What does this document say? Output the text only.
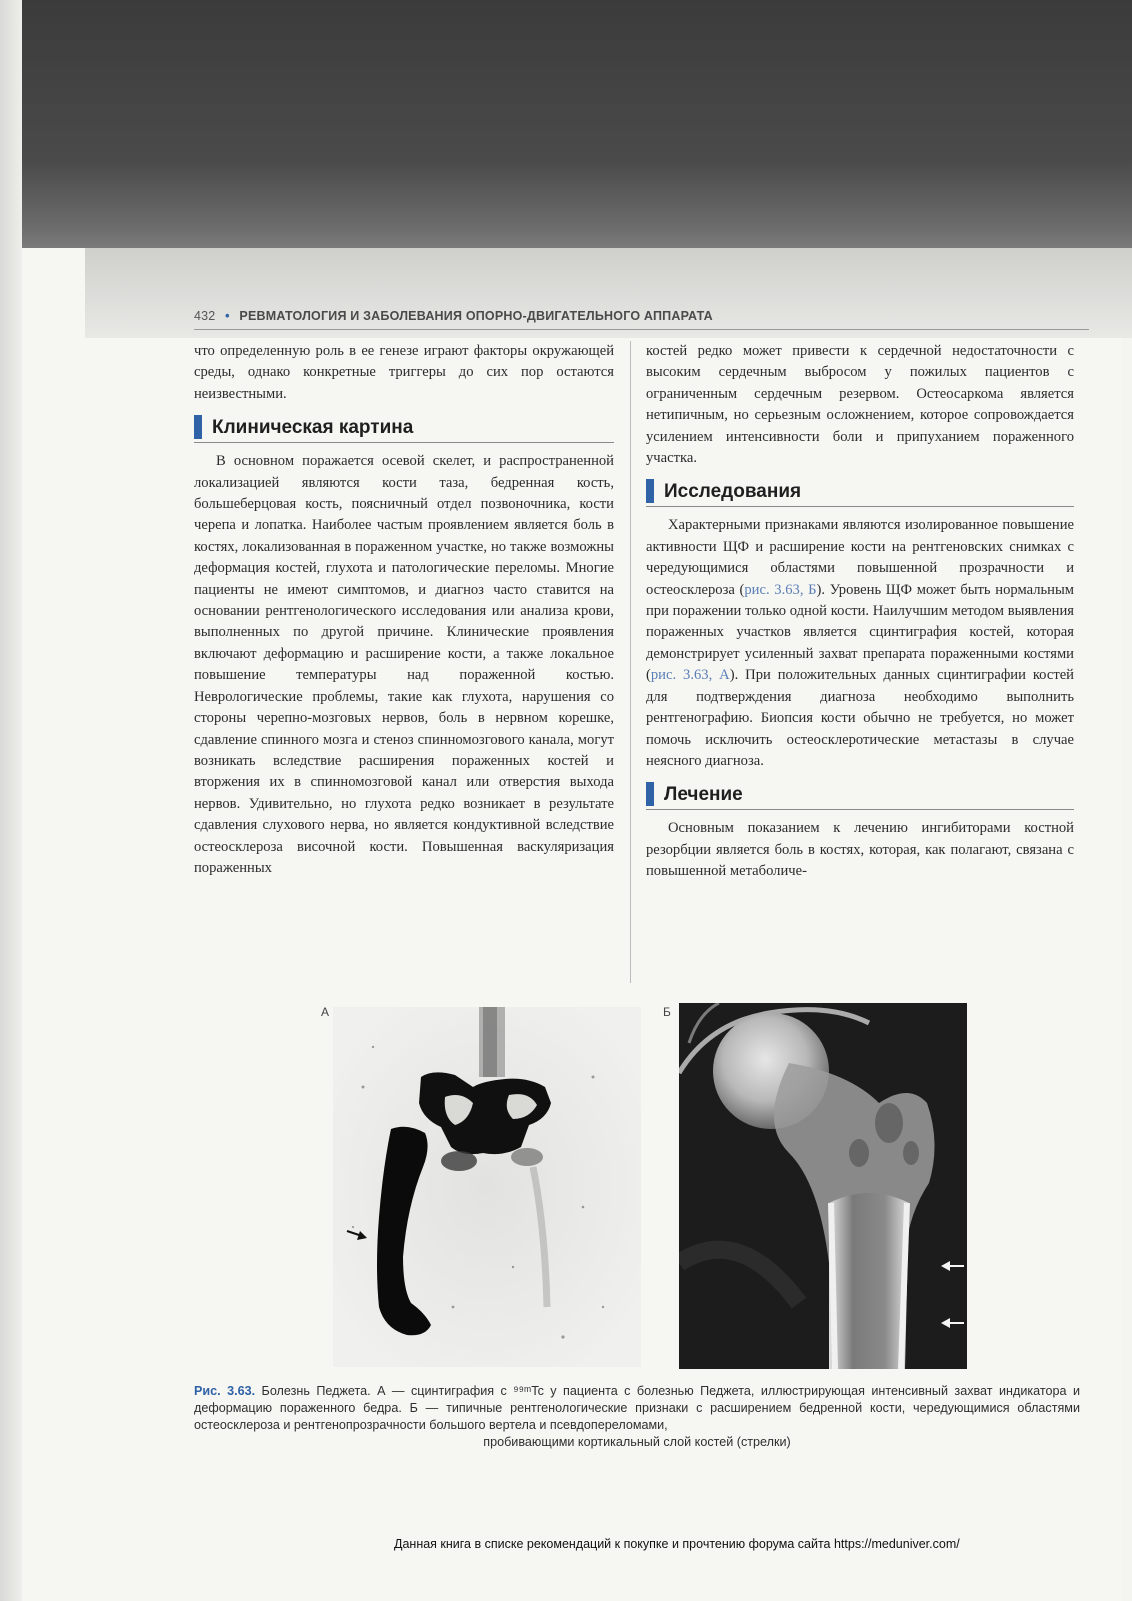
432 • РЕВМАТОЛОГИЯ И ЗАБОЛЕВАНИЯ ОПОРНО-ДВИГАТЕЛЬНОГО АППАРАТА

что определенную роль в ее генезе играют факторы окружающей среды, однако конкретные триггеры до сих пор остаются неизвестными.

Клиническая картина

В основном поражается осевой скелет, и распространенной локализацией являются кости таза, бедренная кость, большеберцовая кость, поясничный отдел позвоночника, кости черепа и лопатка. Наиболее частым проявлением является боль в костях, локализованная в пораженном участке, но также возможны деформация костей, глухота и патологические переломы. Многие пациенты не имеют симптомов, и диагноз часто ставится на основании рентгенологического исследования или анализа крови, выполненных по другой причине. Клинические проявления включают деформацию и расширение кости, а также локальное повышение температуры над пораженной костью. Неврологические проблемы, такие как глухота, нарушения со стороны черепно-мозговых нервов, боль в нервном корешке, сдавление спинного мозга и стеноз спинномозгового канала, могут возникать вследствие расширения пораженных костей и вторжения их в спинномозговой канал или отверстия выхода нервов. Удивительно, но глухота редко возникает в результате сдавления слухового нерва, но является кондуктивной вследствие остеосклероза височной кости. Повышенная васкуляризация пораженных

костей редко может привести к сердечной недостаточности с высоким сердечным выбросом у пожилых пациентов с ограниченным сердечным резервом. Остеосаркома является нетипичным, но серьезным осложнением, которое сопровождается усилением интенсивности боли и припуханием пораженного участка.

Исследования

Характерными признаками являются изолированное повышение активности ЩФ и расширение кости на рентгеновских снимках с чередующимися областями повышенной прозрачности и остеосклероза (рис. 3.63, Б). Уровень ЩФ может быть нормальным при поражении только одной кости. Наилучшим методом выявления пораженных участков является сцинтиграфия костей, которая демонстрирует усиленный захват препарата пораженными костями (рис. 3.63, А). При положительных данных сцинтиграфии костей для подтверждения диагноза необходимо выполнить рентгенографию. Биопсия кости обычно не требуется, но может помочь исключить остеосклеротические метастазы в случае неясного диагноза.

Лечение

Основным показанием к лечению ингибиторами костной резорбции является боль в костях, которая, как полагают, связана с повышенной метаболиче-

А	Б
Рис. 3.63. Болезнь Педжета. А — сцинтиграфия с ⁹⁹ᵐTc у пациента с болезнью Педжета, иллюстрирующая интенсивный захват индикатора и деформацию пораженного бедра. Б — типичные рентгенологические признаки с расширением бедренной кости, чередующимися областями остеосклероза и рентгенопрозрачности большого вертела и псевдопереломами,
пробивающими кортикальный слой костей (стрелки)
Данная книга в списке рекомендаций к покупке и прочтению форума сайта https://meduniver.com/
